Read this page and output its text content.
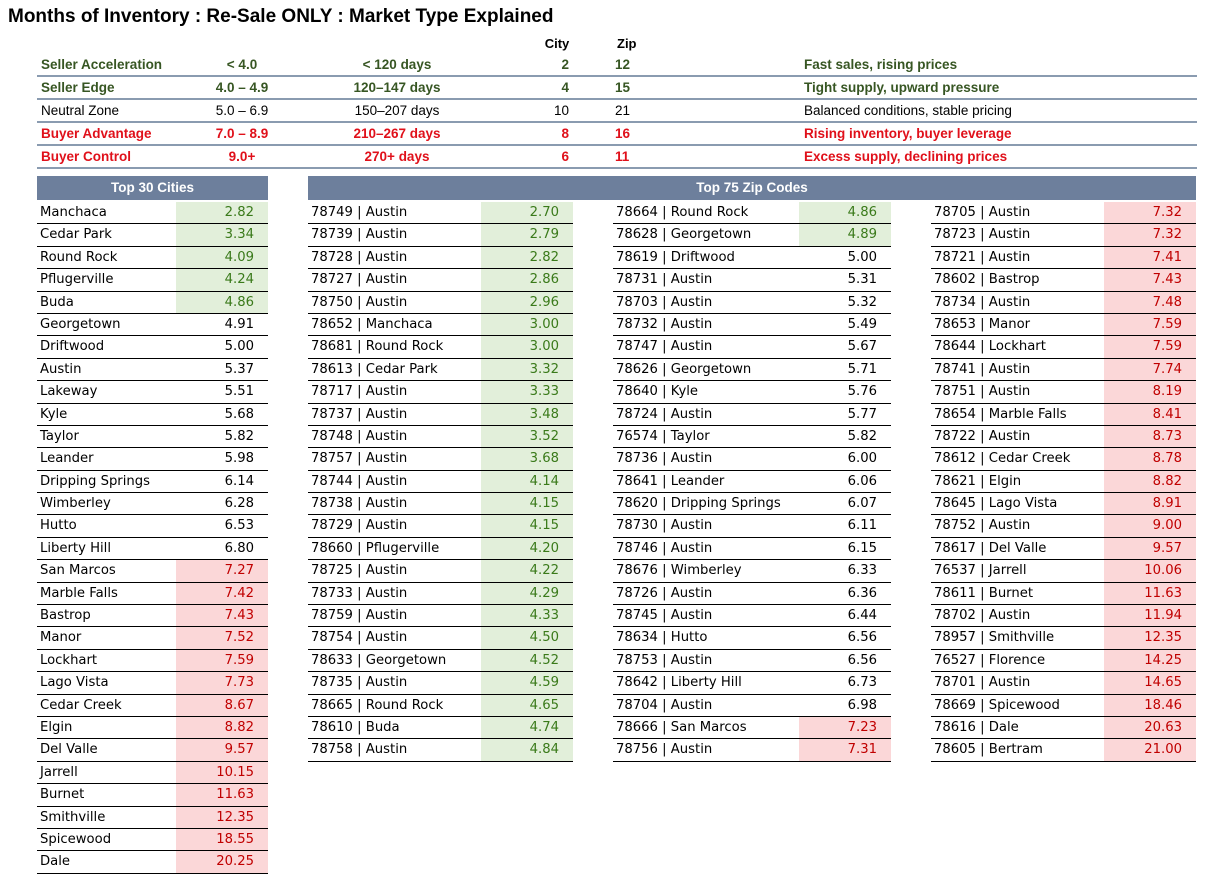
Months of Inventory : Re-Sale ONLY : Market Type Explained
City	Zip
Seller Acceleration	< 4.0	< 120 days	2	12	Fast sales, rising prices
Seller Edge	4.0 – 4.9	120–147 days	4	15	Tight supply, upward pressure
Neutral Zone	5.0 – 6.9	150–207 days	10	21	Balanced conditions, stable pricing
Buyer Advantage	7.0 – 8.9	210–267 days	8	16	Rising inventory, buyer leverage
Buyer Control	9.0+	270+ days	6	11	Excess supply, declining prices
Top 30 Cities	Top 75 Zip Codes
Manchaca	2.82
Cedar Park	3.34
Round Rock	4.09
Pflugerville	4.24
Buda	4.86
Georgetown	4.91
Driftwood	5.00
Austin	5.37
Lakeway	5.51
Kyle	5.68
Taylor	5.82
Leander	5.98
Dripping Springs	6.14
Wimberley	6.28
Hutto	6.53
Liberty Hill	6.80
San Marcos	7.27
Marble Falls	7.42
Bastrop	7.43
Manor	7.52
Lockhart	7.59
Lago Vista	7.73
Cedar Creek	8.67
Elgin	8.82
Del Valle	9.57
Jarrell	10.15
Burnet	11.63
Smithville	12.35
Spicewood	18.55
Dale	20.25
78749 | Austin	2.70
78739 | Austin	2.79
78728 | Austin	2.82
78727 | Austin	2.86
78750 | Austin	2.96
78652 | Manchaca	3.00
78681 | Round Rock	3.00
78613 | Cedar Park	3.32
78717 | Austin	3.33
78737 | Austin	3.48
78748 | Austin	3.52
78757 | Austin	3.68
78744 | Austin	4.14
78738 | Austin	4.15
78729 | Austin	4.15
78660 | Pflugerville	4.20
78725 | Austin	4.22
78733 | Austin	4.29
78759 | Austin	4.33
78754 | Austin	4.50
78633 | Georgetown	4.52
78735 | Austin	4.59
78665 | Round Rock	4.65
78610 | Buda	4.74
78758 | Austin	4.84
78664 | Round Rock	4.86
78628 | Georgetown	4.89
78619 | Driftwood	5.00
78731 | Austin	5.31
78703 | Austin	5.32
78732 | Austin	5.49
78747 | Austin	5.67
78626 | Georgetown	5.71
78640 | Kyle	5.76
78724 | Austin	5.77
76574 | Taylor	5.82
78736 | Austin	6.00
78641 | Leander	6.06
78620 | Dripping Springs	6.07
78730 | Austin	6.11
78746 | Austin	6.15
78676 | Wimberley	6.33
78726 | Austin	6.36
78745 | Austin	6.44
78634 | Hutto	6.56
78753 | Austin	6.56
78642 | Liberty Hill	6.73
78704 | Austin	6.98
78666 | San Marcos	7.23
78756 | Austin	7.31
78705 | Austin	7.32
78723 | Austin	7.32
78721 | Austin	7.41
78602 | Bastrop	7.43
78734 | Austin	7.48
78653 | Manor	7.59
78644 | Lockhart	7.59
78741 | Austin	7.74
78751 | Austin	8.19
78654 | Marble Falls	8.41
78722 | Austin	8.73
78612 | Cedar Creek	8.78
78621 | Elgin	8.82
78645 | Lago Vista	8.91
78752 | Austin	9.00
78617 | Del Valle	9.57
76537 | Jarrell	10.06
78611 | Burnet	11.63
78702 | Austin	11.94
78957 | Smithville	12.35
76527 | Florence	14.25
78701 | Austin	14.65
78669 | Spicewood	18.46
78616 | Dale	20.63
78605 | Bertram	21.00
